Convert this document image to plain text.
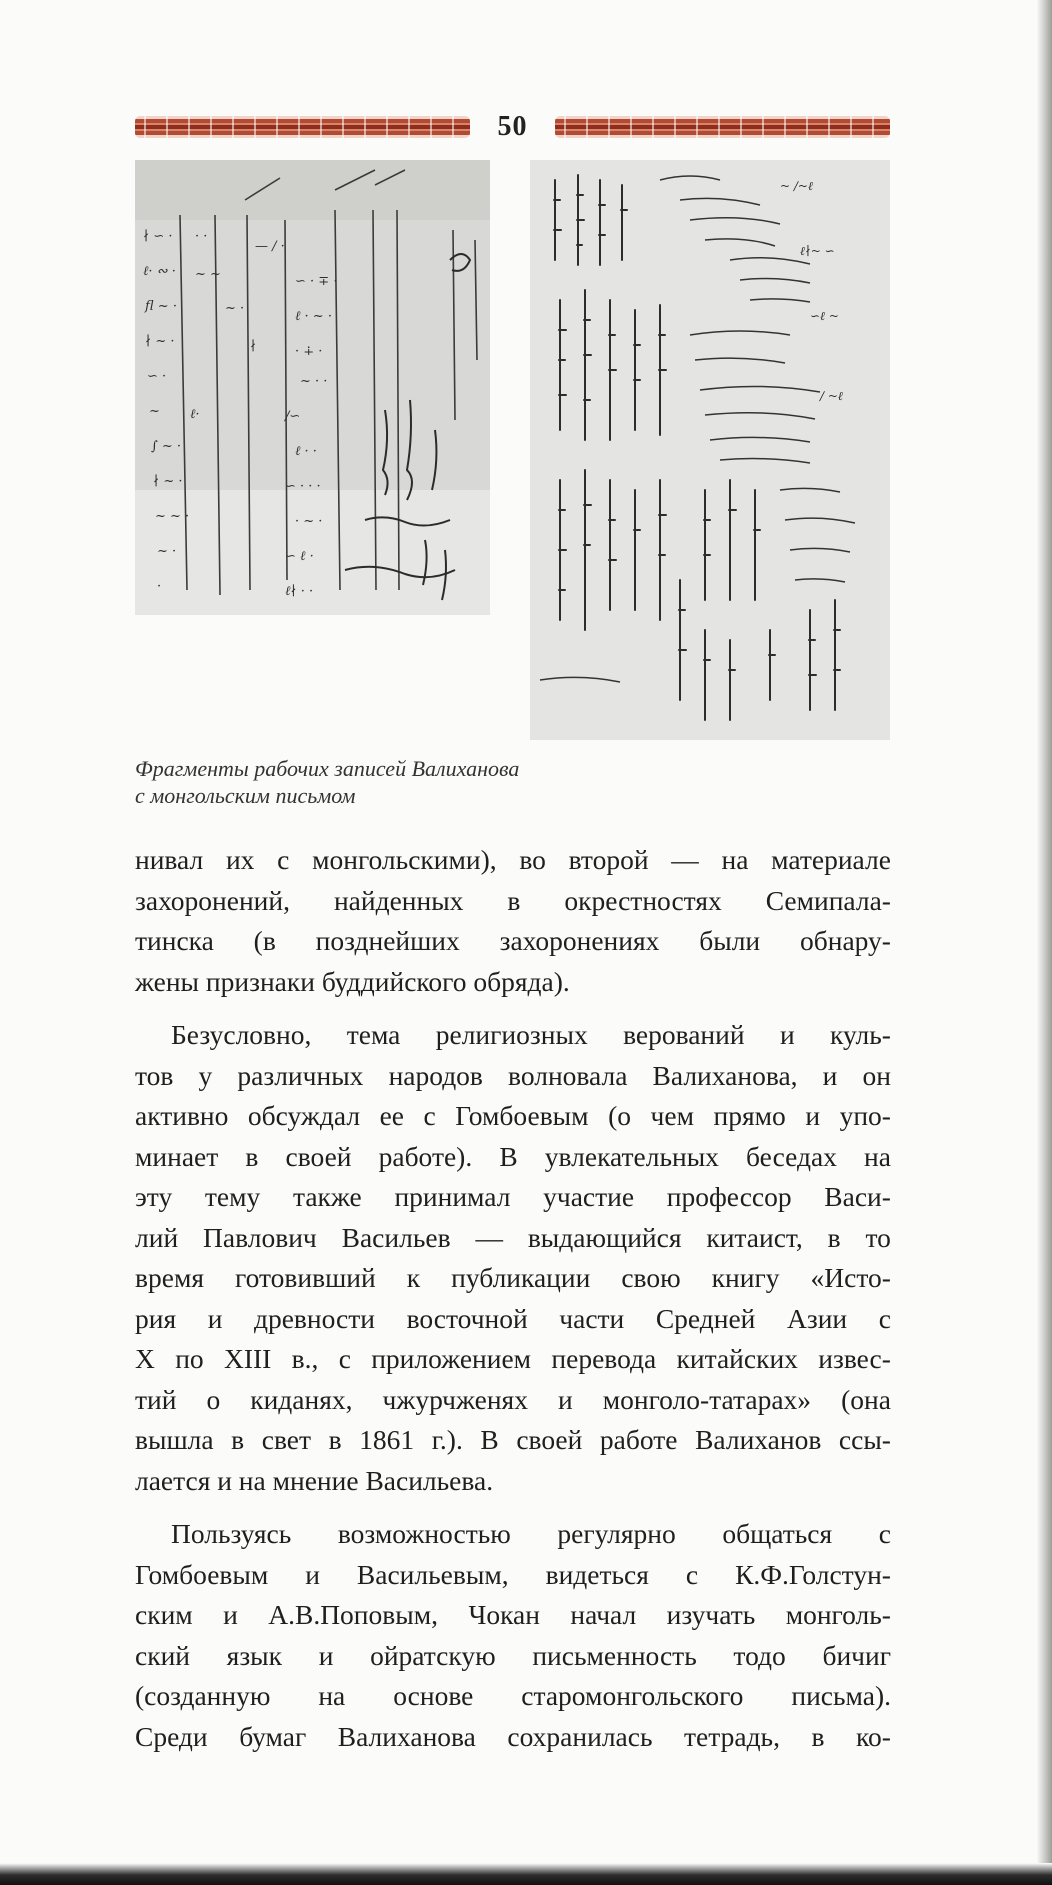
50
∤ ∽ · · ·
— ∕ ·
ℓ· ∾ · ~ ~	∽ · ∓ ·
ﬂ ~ ·	~ ·
ℓ · ~ ·
∤ ~ ·	∤	· ∔ ·
∽ ·	~ · ·
~ ℓ·	∕∽
∫ ~ ·	ℓ · ·
∤ ~ ·	∽ · · ·
~ ~ ·	· ~ ·
~ ·	∽ ℓ ·
·	ℓ∤ · ·
~ ∕~ℓ
ℓ∤~ ∽
∽ℓ ~
∕ ~ℓ
Фрагменты рабочих записей Валиханова
с монгольским письмом
нивал их с монгольскими), во второй — на материале
захоронений, найденных в окрестностях Семипала-
тинска (в позднейших захоронениях были обнару-
жены признаки буддийского обряда).
Безусловно, тема религиозных верований и куль-
тов у различных народов волновала Валиханова, и он
активно обсуждал ее с Гомбоевым (о чем прямо и упо-
минает в своей работе). В увлекательных беседах на
эту тему также принимал участие профессор Васи-
лий Павлович Васильев — выдающийся китаист, в то
время готовивший к публикации свою книгу «Исто-
рия и древности восточной части Средней Азии с
X по XIII в., с приложением перевода китайских извес-
тий о киданях, чжурчженях и монголо-татарах» (она
вышла в свет в 1861 г.). В своей работе Валиханов ссы-
лается и на мнение Васильева.
Пользуясь возможностью регулярно общаться с
Гомбоевым и Васильевым, видеться с К.Ф.Голстун-
ским и А.В.Поповым, Чокан начал изучать монголь-
ский язык и ойратскую письменность тодо бичиг
(созданную на основе старомонгольского письма).
Среди бумаг Валиханова сохранилась тетрадь, в ко-
